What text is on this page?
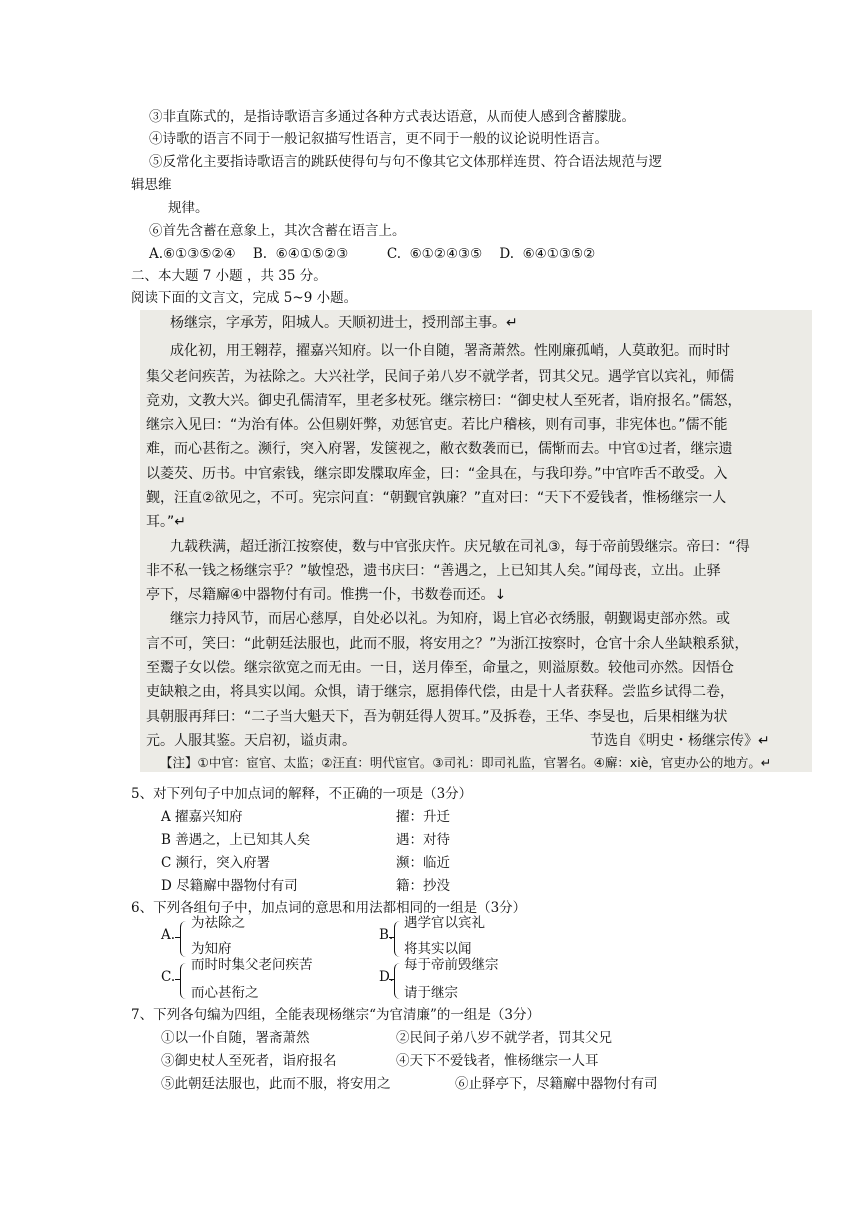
③非直陈式的，是指诗歌语言多通过各种方式表达语意，从而使人感到含蓄朦胧。
④诗歌的语言不同于一般记叙描写性语言，更不同于一般的议论说明性语言。
⑤反常化主要指诗歌语言的跳跃使得句与句不像其它文体那样连贯、符合语法规范与逻
辑思维
规律。
⑥首先含蓄在意象上，其次含蓄在语言上。
A.⑥①③⑤②④    B.  ⑥④①⑤②③         C.  ⑥①②④③⑤    D.  ⑥④①③⑤②
二、本大题 7 小题 ，共 35 分。
阅读下面的文言文，完成 5~9 小题。
杨继宗，字承芳，阳城人。天顺初进士，授刑部主事。↵
成化初，用王翱荐，擢嘉兴知府。以一仆自随，署斋萧然。性刚廉孤峭，人莫敢犯。而时时
集父老问疾苦，为祛除之。大兴社学，民间子弟八岁不就学者，罚其父兄。遇学官以宾礼，师儒
竞劝，文教大兴。御史孔儒清军，里老多杖死。继宗榜曰：“御史杖人至死者，诣府报名。”儒怒，
继宗入见曰：“为治有体。公但剔奸弊，劝惩官吏。若比户稽核，则有司事，非宪体也。”儒不能
难，而心甚衔之。濒行，突入府署，发箧视之，敝衣数袭而已，儒惭而去。中官①过者，继宗遗
以菱芡、历书。中官索钱，继宗即发牒取库金，曰：“金具在，与我印券。”中官咋舌不敢受。入
觐，汪直②欲见之，不可。宪宗问直：“朝觐官孰廉？”直对曰：“天下不爱钱者，惟杨继宗一人
耳。”↵
九载秩满，超迁浙江按察使，数与中官张庆忤。庆兄敏在司礼③，每于帝前毁继宗。帝曰：“得
非不私一钱之杨继宗乎？”敏惶恐，遗书庆曰：“善遇之，上已知其人矣。”闻母丧，立出。止驿
亭下，尽籍廨④中器物付有司。惟携一仆，书数卷而还。↓
继宗力持风节，而居心慈厚，自处必以礼。为知府，谒上官必衣绣服，朝觐谒吏部亦然。或
言不可，笑曰：“此朝廷法服也，此而不服，将安用之？”为浙江按察时，仓官十余人坐缺粮系狱，
至鬻子女以偿。继宗欲宽之而无由。一日，送月俸至，命量之，则溢原数。较他司亦然。因悟仓
吏缺粮之由，将具实以闻。众惧，请于继宗，愿捐俸代偿，由是十人者获释。尝监乡试得二卷，
具朝服再拜曰：“二子当大魁天下，吾为朝廷得人贺耳。”及拆卷，王华、李旻也，后果相继为状
元。人服其鉴。天启初，谥贞肃。	节选自《明史・杨继宗传》↵
【注】①中官：宦官、太监；②汪直：明代宦官。③司礼：即司礼监，官署名。④廨：xiè，官吏办公的地方。↵
5、对下列句子中加点词的解释，不正确的一项是（3分）
A 擢嘉兴知府	擢：升迁
B 善遇之，上已知其人矣	遇：对待
C 濒行，突入府署	濒：临近
D 尽籍廨中器物付有司	籍：抄没
6、下列各组句子中，加点词的意思和用法都相同的一组是（3分）
A.
为祛除之
为知府
B.
遇学官以宾礼
将其实以闻
C.
而时时集父老问疾苦
而心甚衔之
D.
每于帝前毁继宗
请于继宗
7、下列各句编为四组，全能表现杨继宗“为官清廉”的一组是（3分）
①以一仆自随，署斋萧然	②民间子弟八岁不就学者，罚其父兄
③御史杖人至死者，诣府报名	④天下不爱钱者，惟杨继宗一人耳
⑤此朝廷法服也，此而不服，将安用之	⑥止驿亭下，尽籍廨中器物付有司
